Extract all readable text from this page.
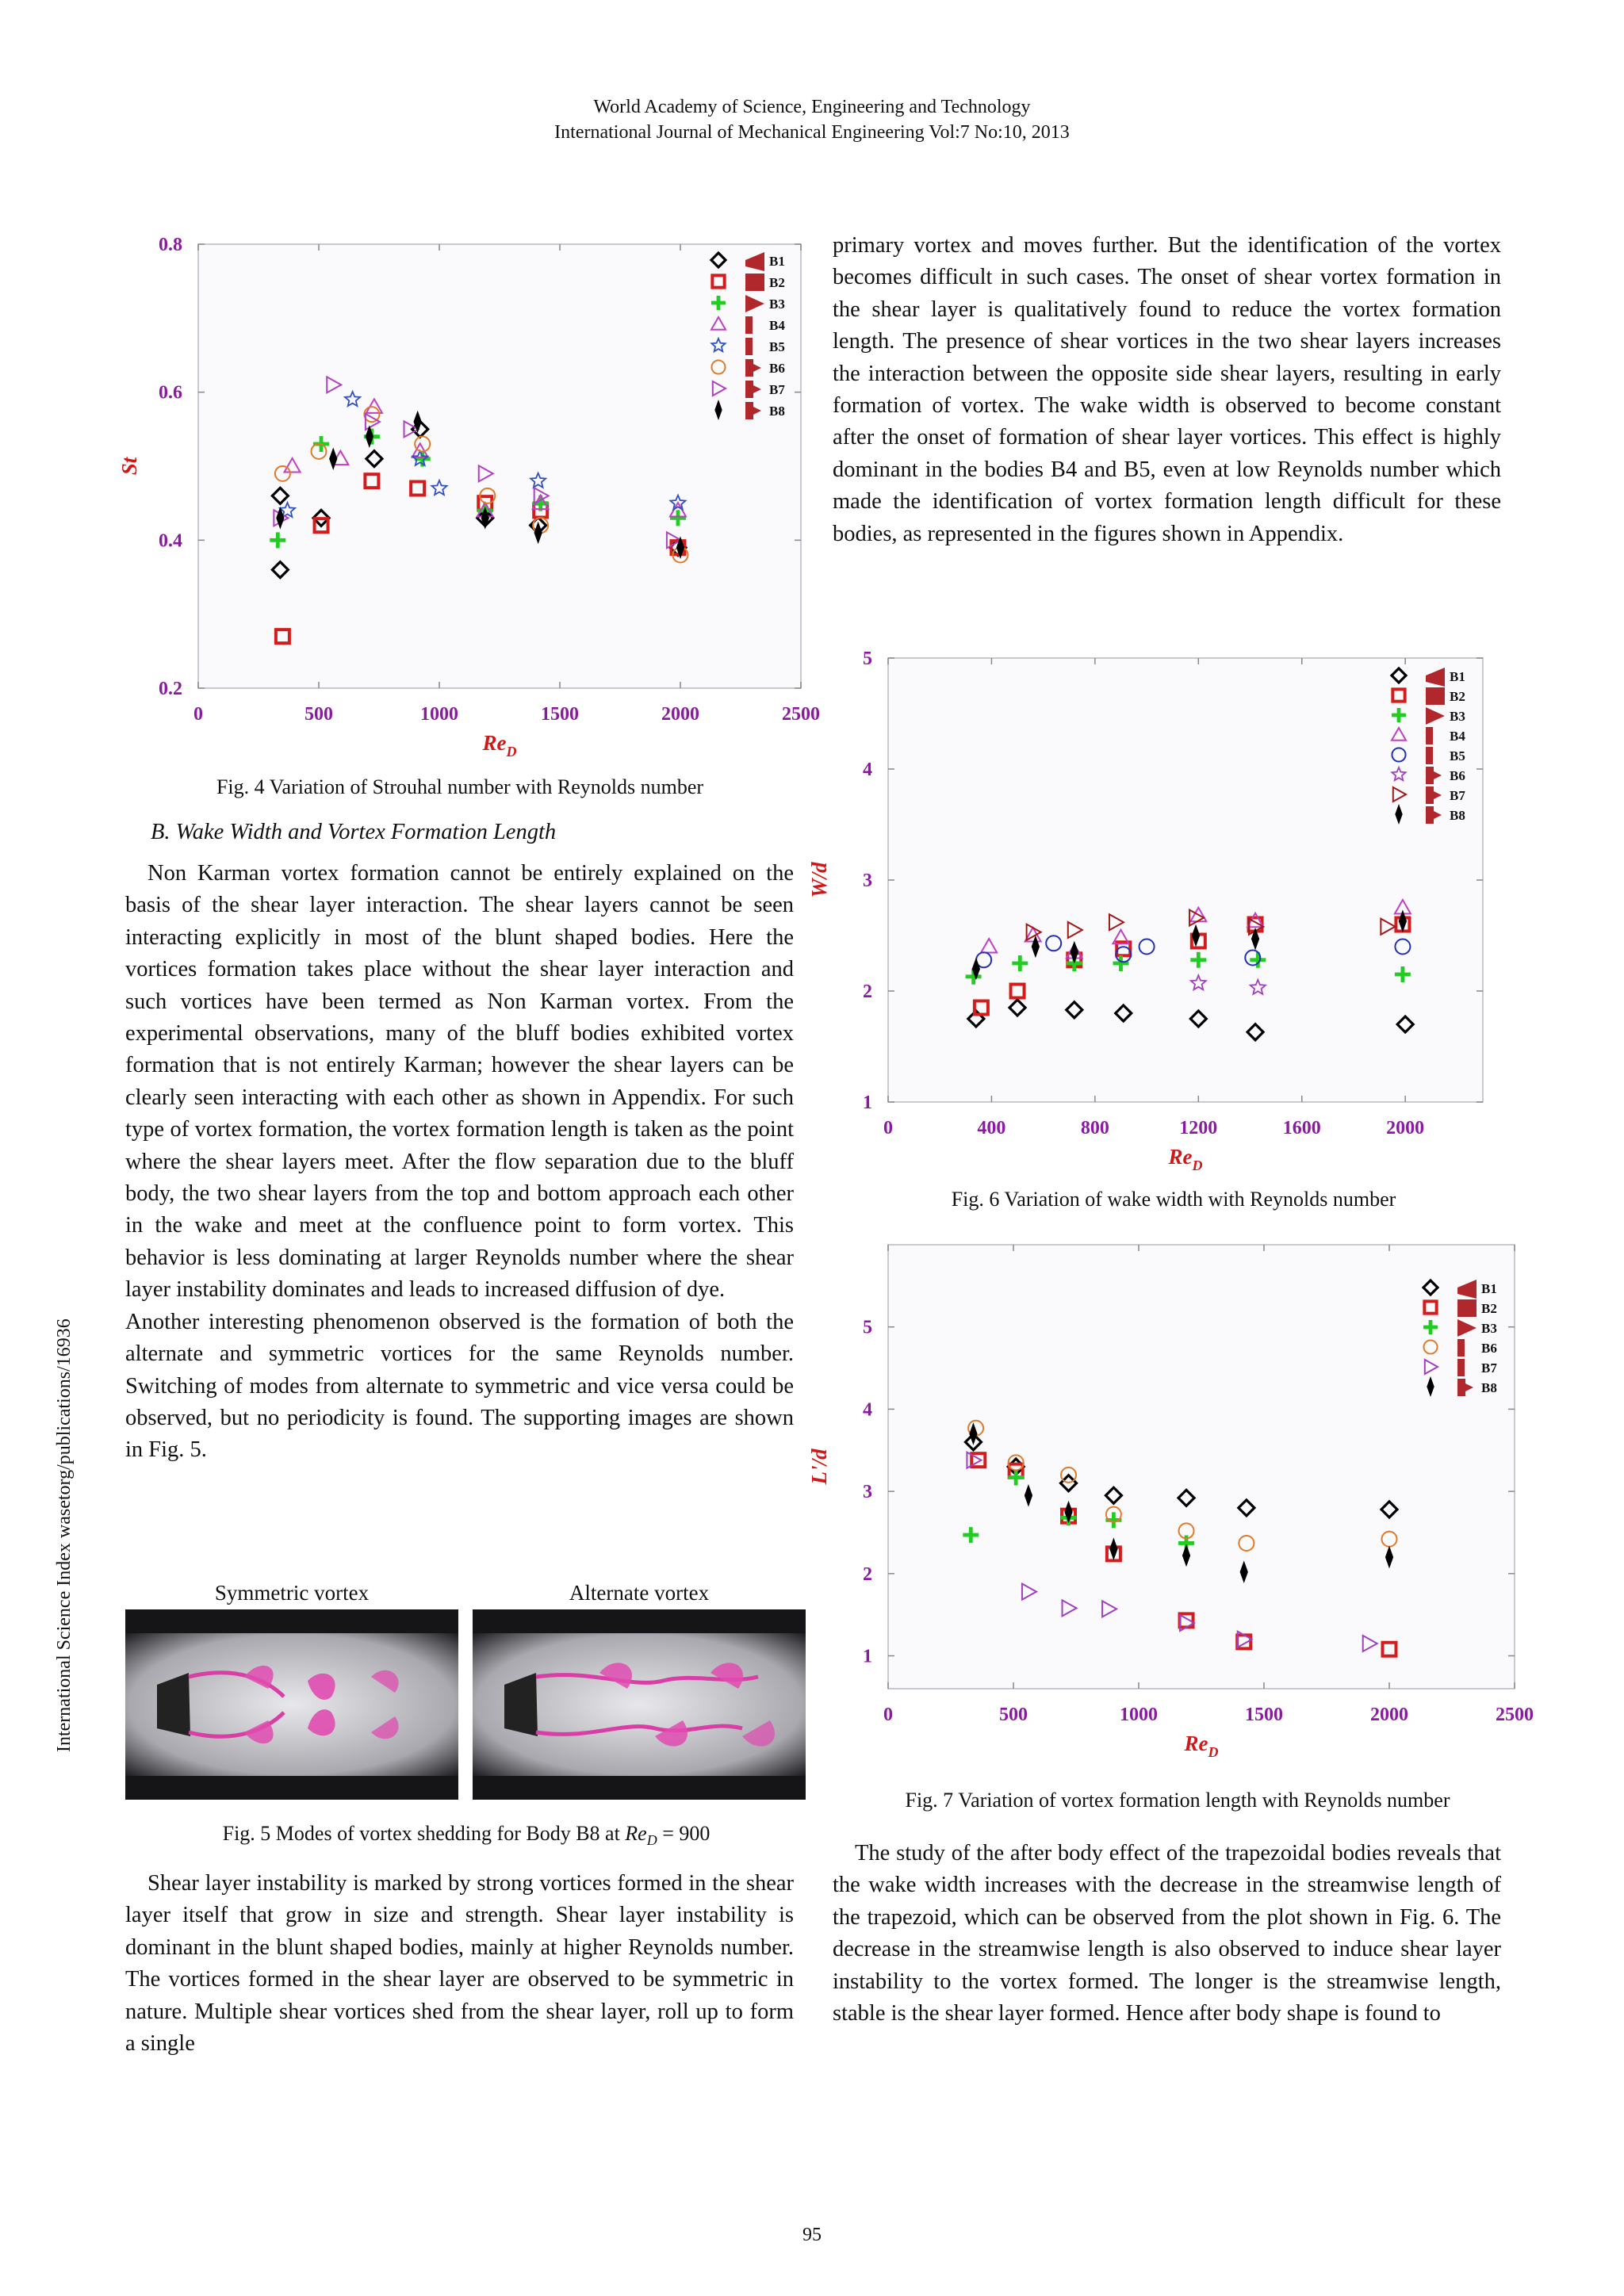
World Academy of Science, Engineering and Technology
International Journal of Mechanical Engineering Vol:7 No:10, 2013
International Science Index wasetorg/publications/16936
0	500	1000	1500	2000	2500
0.2
0.4
0.6
0.8
$Re_D$
St
B1
B2
B3
B4
B5
B6
B7
B8
Fig. 4 Variation of Strouhal number with Reynolds number
B. Wake Width and Vortex Formation Length

Non Karman vortex formation cannot be entirely explained on the basis of the shear layer interaction. The shear layers cannot be seen interacting explicitly in most of the blunt shaped bodies. Here the vortices formation takes place without the shear layer interaction and such vortices have been termed as Non Karman vortex. From the experimental observations, many of the bluff bodies exhibited vortex formation that is not entirely Karman; however the shear layers can be clearly seen interacting with each other as shown in Appendix. For such type of vortex formation, the vortex formation length is taken as the point where the shear layers meet. After the flow separation due to the bluff body, the two shear layers from the top and bottom approach each other in the wake and meet at the confluence point to form vortex. This behavior is less dominating at larger Reynolds number where the shear layer instability dominates and leads to increased diffusion of dye.

Another interesting phenomenon observed is the formation of both the alternate and symmetric vortices for the same Reynolds number. Switching of modes from alternate to symmetric and vice versa could be observed, but no periodicity is found. The supporting images are shown in Fig. 5.

Symmetric vortex	Alternate vortex
Fig. 5 Modes of vortex shedding for Body B8 at $Re_D = 900$

Shear layer instability is marked by strong vortices formed in the shear layer itself that grow in size and strength. Shear layer instability is dominant in the blunt shaped bodies, mainly at higher Reynolds number. The vortices formed in the shear layer are observed to be symmetric in nature. Multiple shear vortices shed from the shear layer, roll up to form a single

primary vortex and moves further. But the identification of the vortex becomes difficult in such cases. The onset of shear vortex formation in the shear layer is qualitatively found to reduce the vortex formation length. The presence of shear vortices in the two shear layers increases the interaction between the opposite side shear layers, resulting in early formation of vortex. The wake width is observed to become constant after the onset of formation of shear layer vortices. This effect is highly dominant in the bodies B4 and B5, even at low Reynolds number which made the identification of vortex formation length difficult for these bodies, as represented in the figures shown in Appendix.

0	400	800	1200	1600	2000
1
2
3
4
5
$Re_D$
W/d
B1
B2
B3
B4
B5
B6
B7
B8
Fig. 6 Variation of wake width with Reynolds number
0	500	1000	1500	2000	2500
1
2
3
4
5
$Re_D$
L'/d
B1
B2
B3
B6
B7
B8
Fig. 7 Variation of vortex formation length with Reynolds number

The study of the after body effect of the trapezoidal bodies reveals that the wake width increases with the decrease in the streamwise length of the trapezoid, which can be observed from the plot shown in Fig. 6. The decrease in the streamwise length is also observed to induce shear layer instability to the vortex formed. The longer is the streamwise length, stable is the shear layer formed. Hence after body shape is found to

95
